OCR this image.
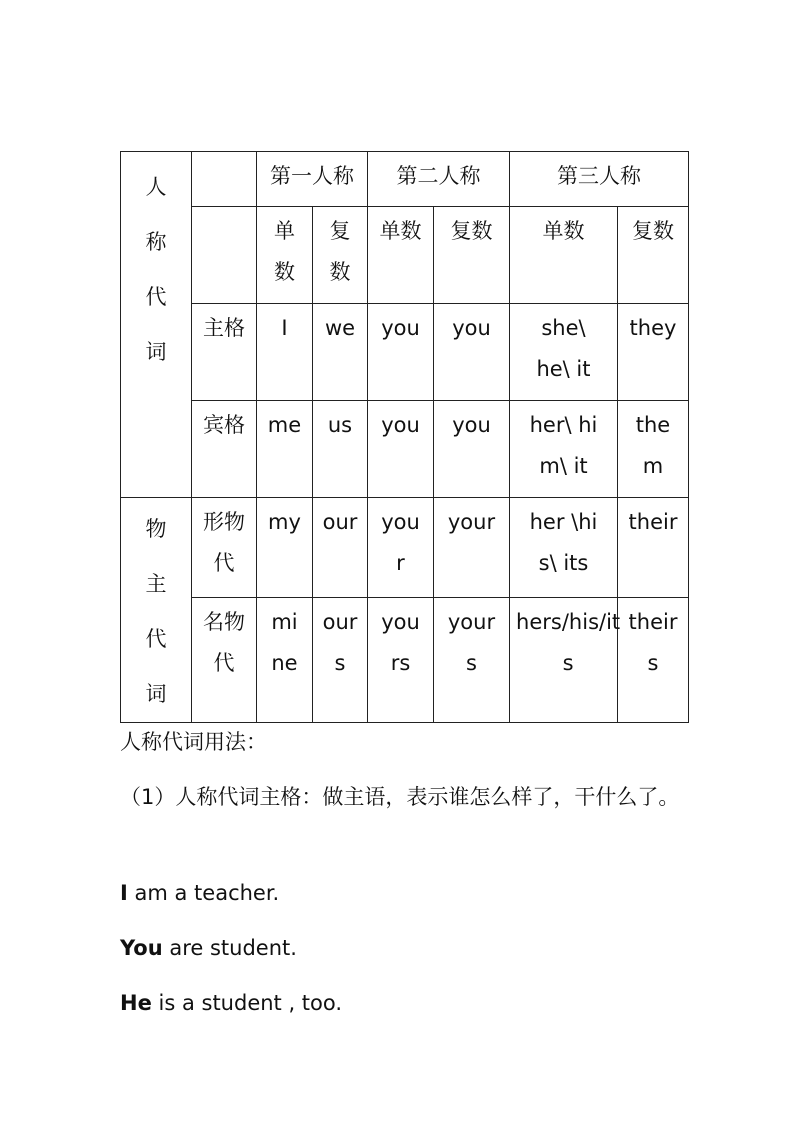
人称代词		第一人称		第二人称		第三人称	

		单数	复数	单数	复数	单数	复数
	主格	I	we	you	you	she\ he\ it	they
	宾格	me	us	you	you	her\ him\ it	them

物主代词	形物代	my	our	your	your	her \his\ its	their

	名物代	mine	ours	yours	yours	hers/his/its	theirs
人称代词用法：
（1）人称代词主格：做主语，表示谁怎么样了，干什么了。
I am a teacher.
You are student.
He is a student , too.
